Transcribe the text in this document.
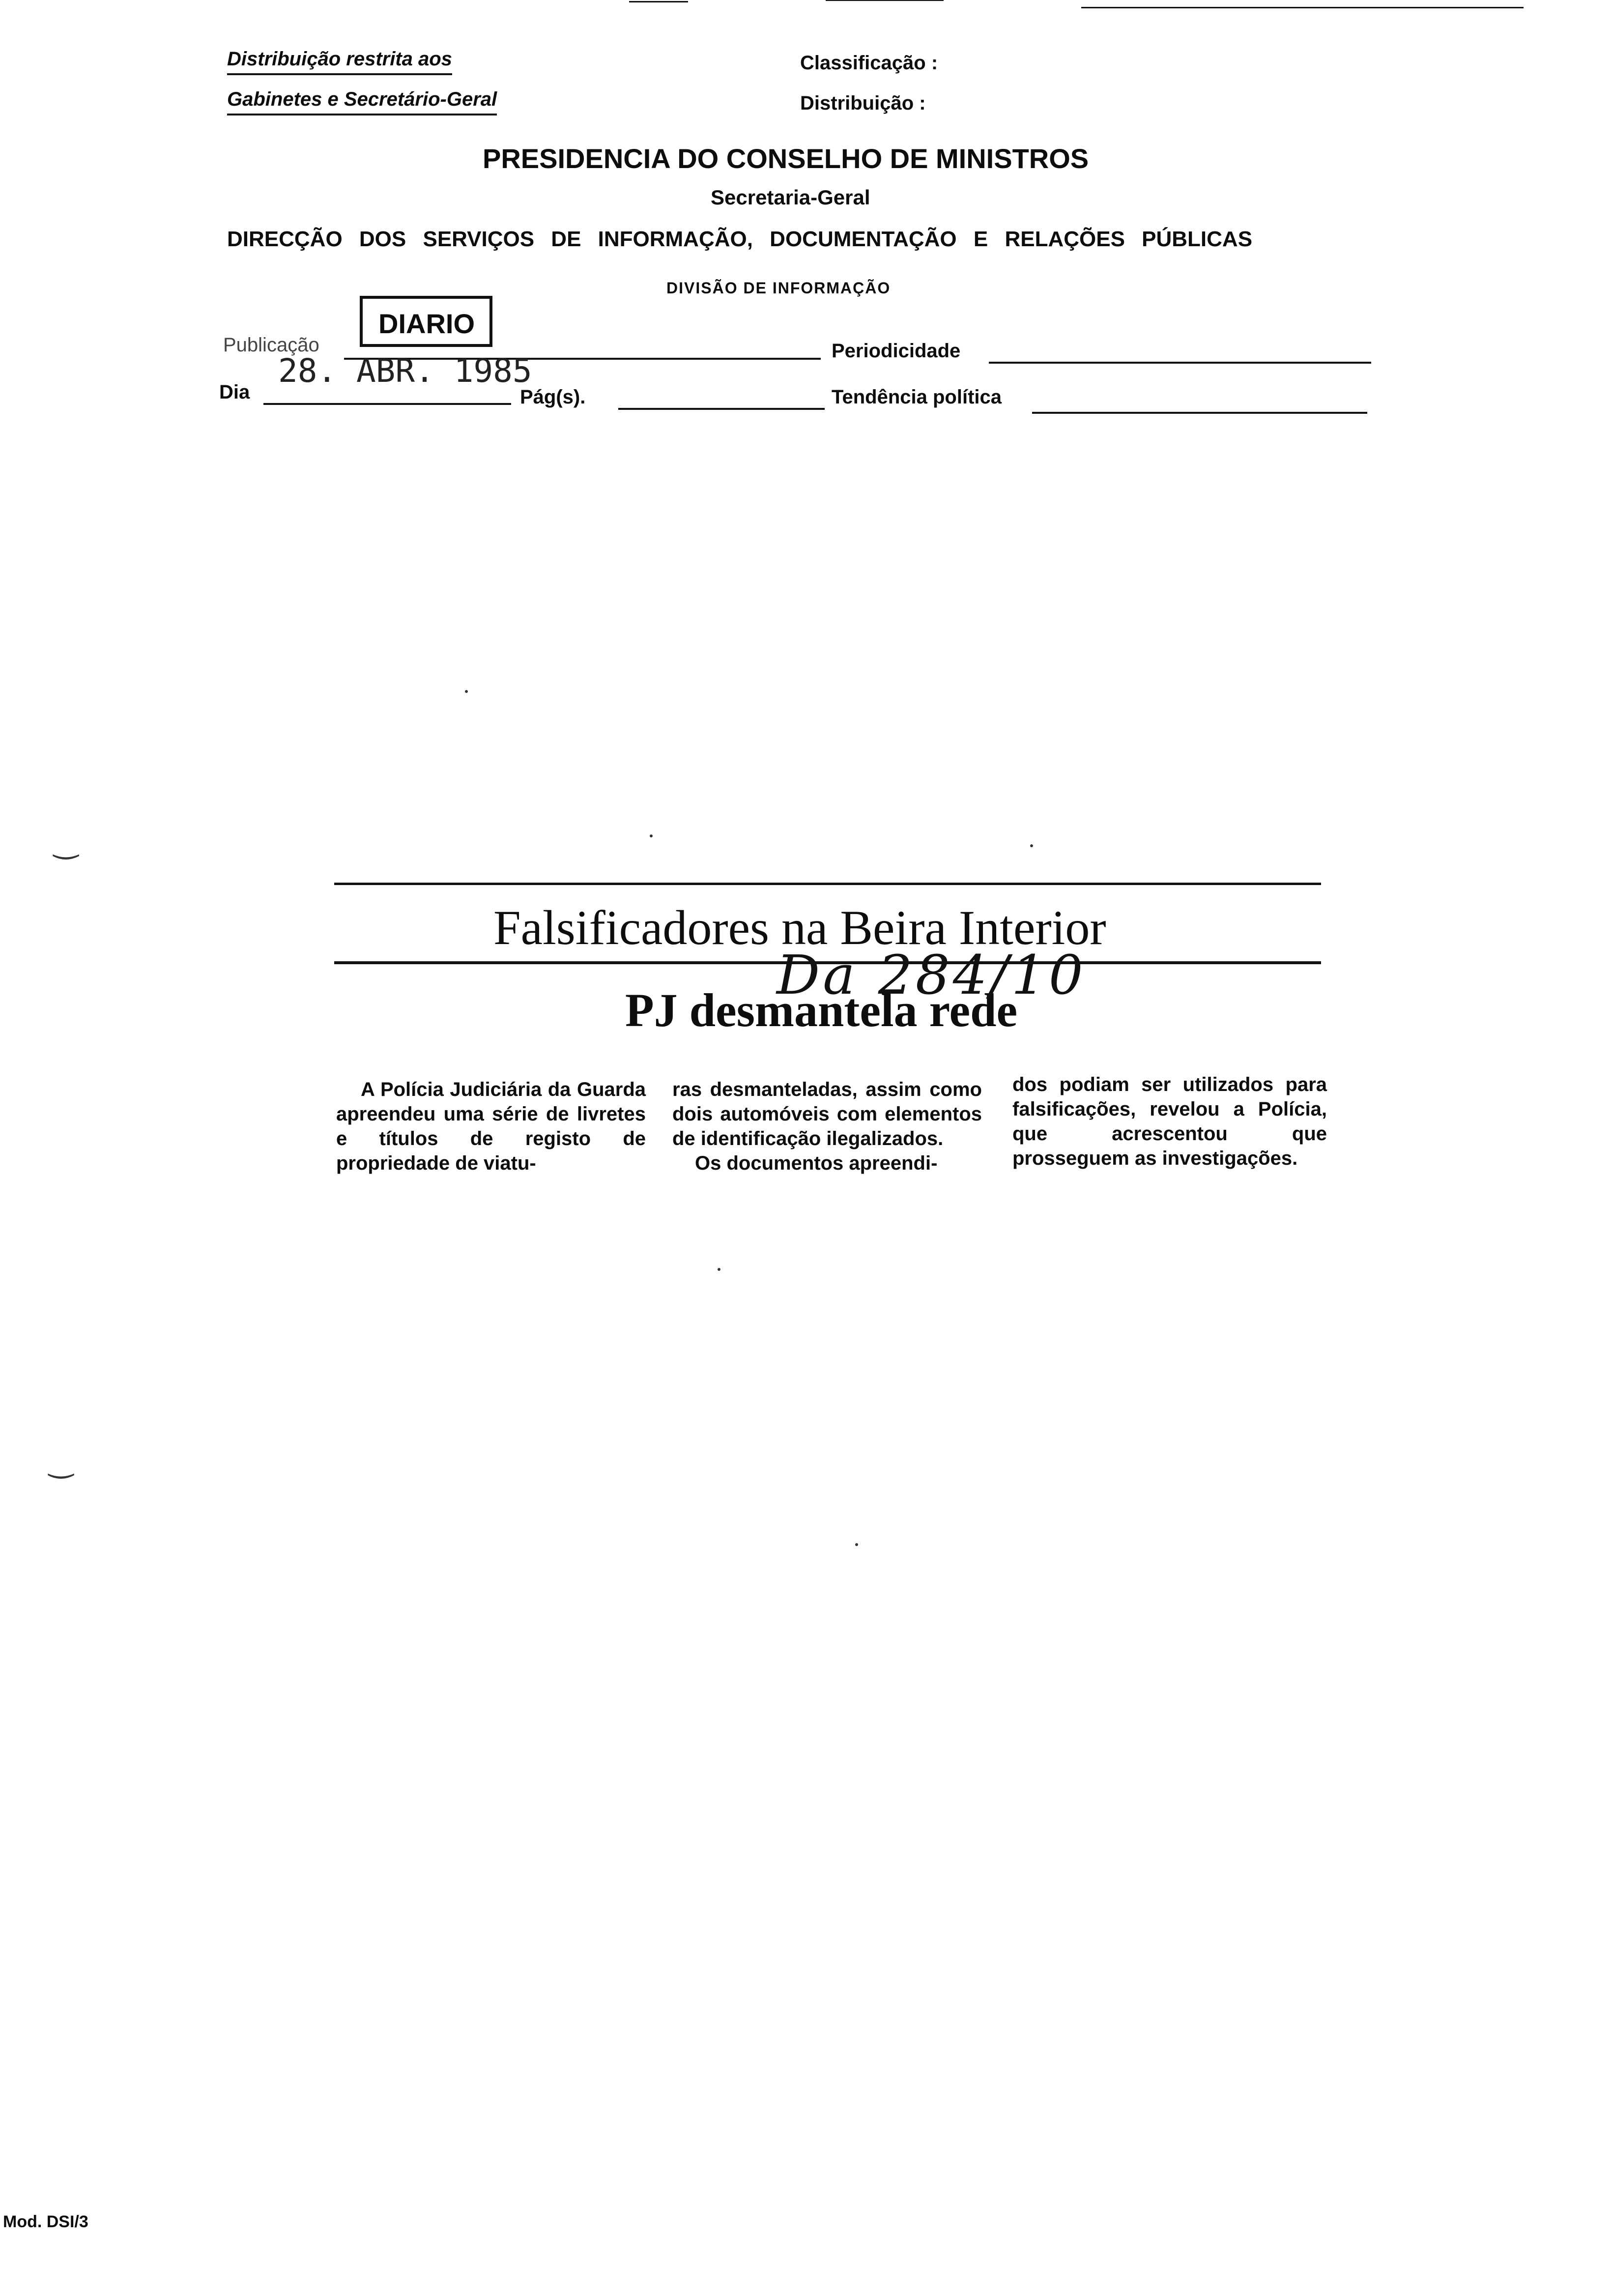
Distribuição restrita aos
Gabinetes e Secretário-Geral
Classificação :
Distribuição :
PRESIDENCIA DO CONSELHO DE MINISTROS
Secretaria-Geral
DIRECÇÃO DOS SERVIÇOS DE INFORMAÇÃO, DOCUMENTAÇÃO E RELAÇÕES PÚBLICAS
DIVISÃO DE INFORMAÇÃO
DIARIO
Publicação	Periodicidade
Dia
28. ABR. 1985
Pág(s).	Tendência política
‿
‿
Falsificadores na Beira Interior
PJ desmantela rede
Da 284/10
A Polícia Judiciária da Guarda apreendeu uma série de livretes e títulos de registo de propriedade de viatu-
ras desmanteladas, assim como dois automóveis com elementos de identificação ilegalizados.
Os documentos apreendi-
dos podiam ser utilizados para falsificações, revelou a Polícia, que acrescentou que prosseguem as investigações.
Mod. DSI/3
